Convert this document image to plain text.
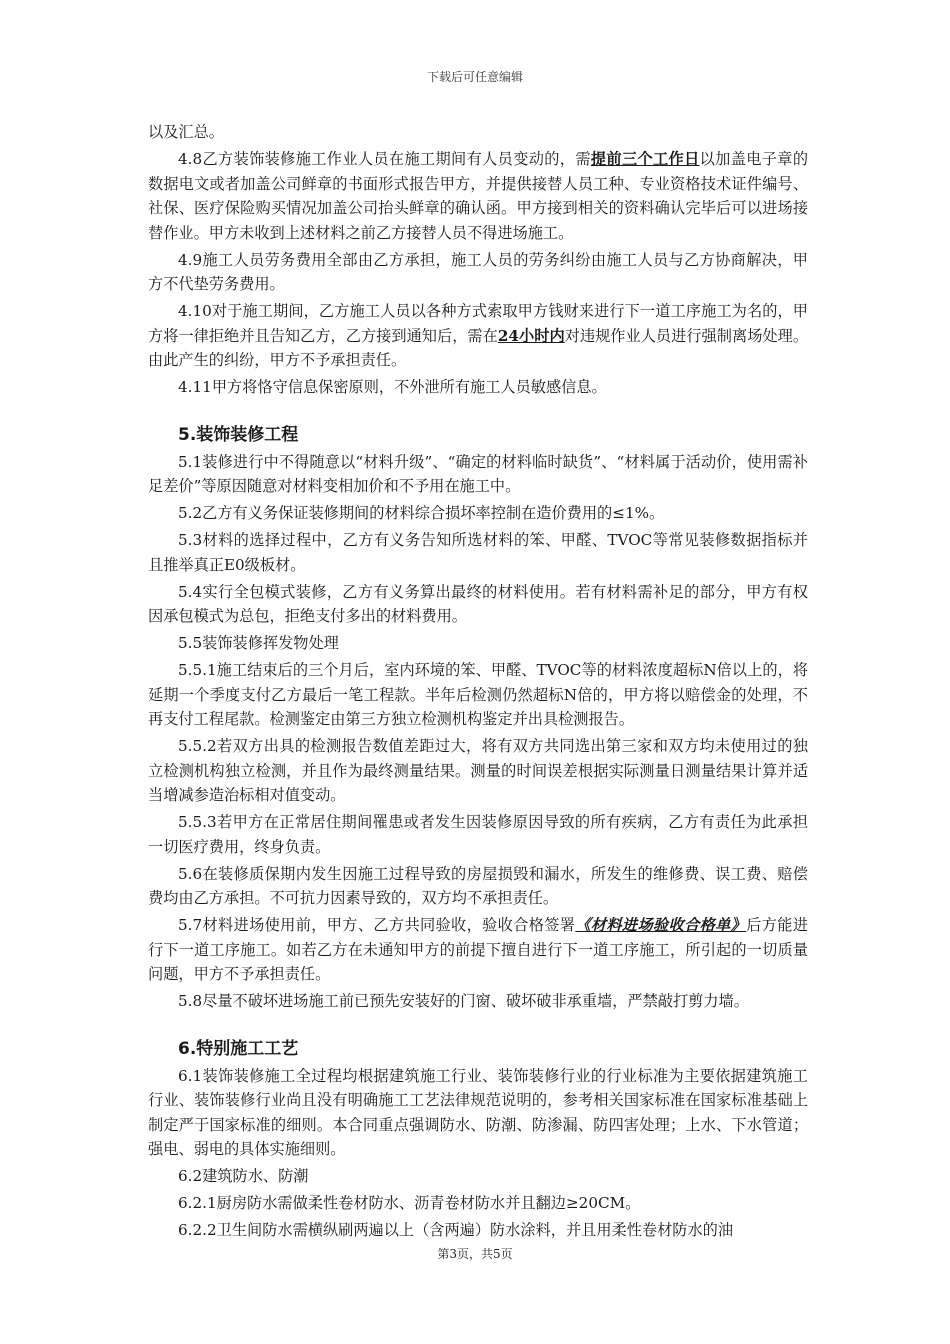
下载后可任意编辑

以及汇总。

4.8乙方装饰装修施工作业人员在施工期间有人员变动的，需提前三个工作日以加盖电子章的数据电文或者加盖公司鲜章的书面形式报告甲方，并提供接替人员工种、专业资格技术证件编号、社保、医疗保险购买情况加盖公司抬头鲜章的确认函。甲方接到相关的资料确认完毕后可以进场接替作业。甲方未收到上述材料之前乙方接替人员不得进场施工。

4.9施工人员劳务费用全部由乙方承担，施工人员的劳务纠纷由施工人员与乙方协商解决，甲方不代垫劳务费用。

4.10对于施工期间，乙方施工人员以各种方式索取甲方钱财来进行下一道工序施工为名的，甲方将一律拒绝并且告知乙方，乙方接到通知后，需在24小时内对违规作业人员进行强制离场处理。由此产生的纠纷，甲方不予承担责任。

4.11甲方将恪守信息保密原则，不外泄所有施工人员敏感信息。

5.装饰装修工程

5.1装修进行中不得随意以“材料升级”、“确定的材料临时缺货”、“材料属于活动价，使用需补足差价”等原因随意对材料变相加价和不予用在施工中。

5.2乙方有义务保证装修期间的材料综合损坏率控制在造价费用的≤1%。

5.3材料的选择过程中，乙方有义务告知所选材料的笨、甲醛、TVOC等常见装修数据指标并且推举真正E0级板材。

5.4实行全包模式装修，乙方有义务算出最终的材料使用。若有材料需补足的部分，甲方有权因承包模式为总包，拒绝支付多出的材料费用。

5.5装饰装修挥发物处理

5.5.1施工结束后的三个月后，室内环境的笨、甲醛、TVOC等的材料浓度超标N倍以上的，将延期一个季度支付乙方最后一笔工程款。半年后检测仍然超标N倍的，甲方将以赔偿金的处理，不再支付工程尾款。检测鉴定由第三方独立检测机构鉴定并出具检测报告。

5.5.2若双方出具的检测报告数值差距过大，将有双方共同选出第三家和双方均未使用过的独立检测机构独立检测，并且作为最终测量结果。测量的时间误差根据实际测量日测量结果计算并适当增减参造治标相对值变动。

5.5.3若甲方在正常居住期间罹患或者发生因装修原因导致的所有疾病，乙方有责任为此承担一切医疗费用，终身负责。

5.6在装修质保期内发生因施工过程导致的房屋损毁和漏水，所发生的维修费、误工费、赔偿费均由乙方承担。不可抗力因素导致的，双方均不承担责任。

5.7材料进场使用前，甲方、乙方共同验收，验收合格签署《材料进场验收合格单》后方能进行下一道工序施工。如若乙方在未通知甲方的前提下擅自进行下一道工序施工，所引起的一切质量问题，甲方不予承担责任。

5.8尽量不破坏进场施工前已预先安装好的门窗、破坏破非承重墙，严禁敲打剪力墙。

6.特别施工工艺

6.1装饰装修施工全过程均根据建筑施工行业、装饰装修行业的行业标准为主要依据建筑施工行业、装饰装修行业尚且没有明确施工工艺法律规范说明的，参考相关国家标准在国家标准基础上制定严于国家标准的细则。本合同重点强调防水、防潮、防渗漏、防四害处理；上水、下水管道；强电、弱电的具体实施细则。

6.2建筑防水、防潮

6.2.1厨房防水需做柔性卷材防水、沥青卷材防水并且翻边≥20CM。

6.2.2卫生间防水需横纵刷两遍以上（含两遍）防水涂料，并且用柔性卷材防水的油

第3页，共5页
